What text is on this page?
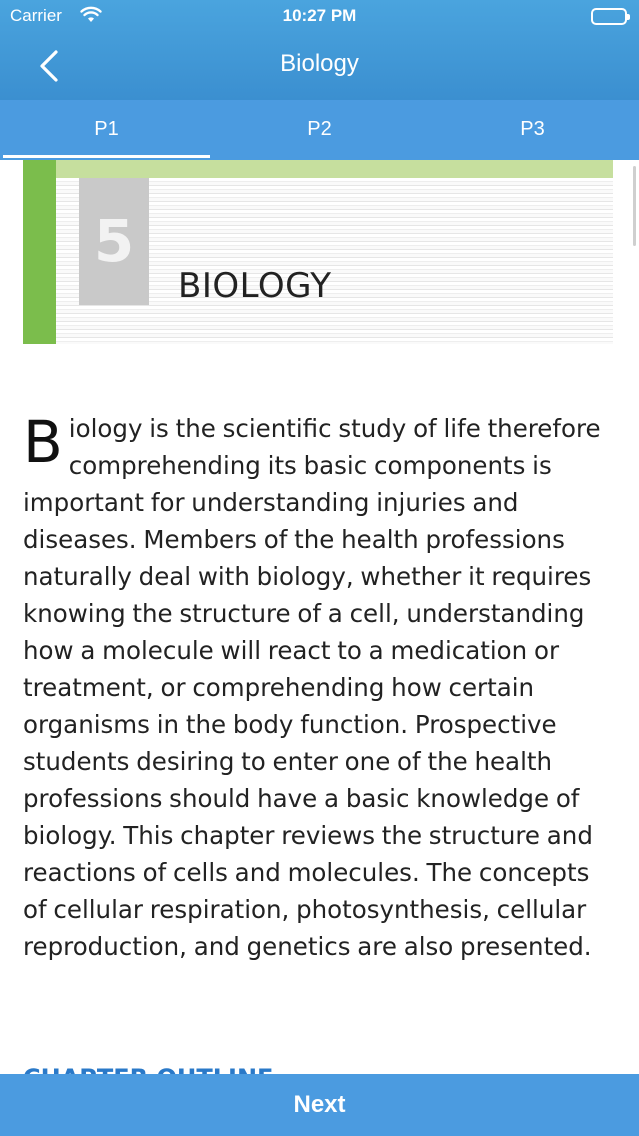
Carrier	10:27 PM
Biology
P1	P2	P3
5
BIOLOGY
B iology is the scientific study of life therefore comprehending its basic components is important for understanding injuries and diseases. Members of the health professions naturally deal with biology, whether it requires knowing the structure of a cell, understanding how a molecule will react to a medication or treatment, or comprehending how certain organisms in the body function. Prospective students desiring to enter one of the health professions should have a basic knowledge of biology. This chapter reviews the structure and reactions of cells and molecules. The concepts of cellular respiration, photosynthesis, cellular reproduction, and genetics are also presented.
Next
